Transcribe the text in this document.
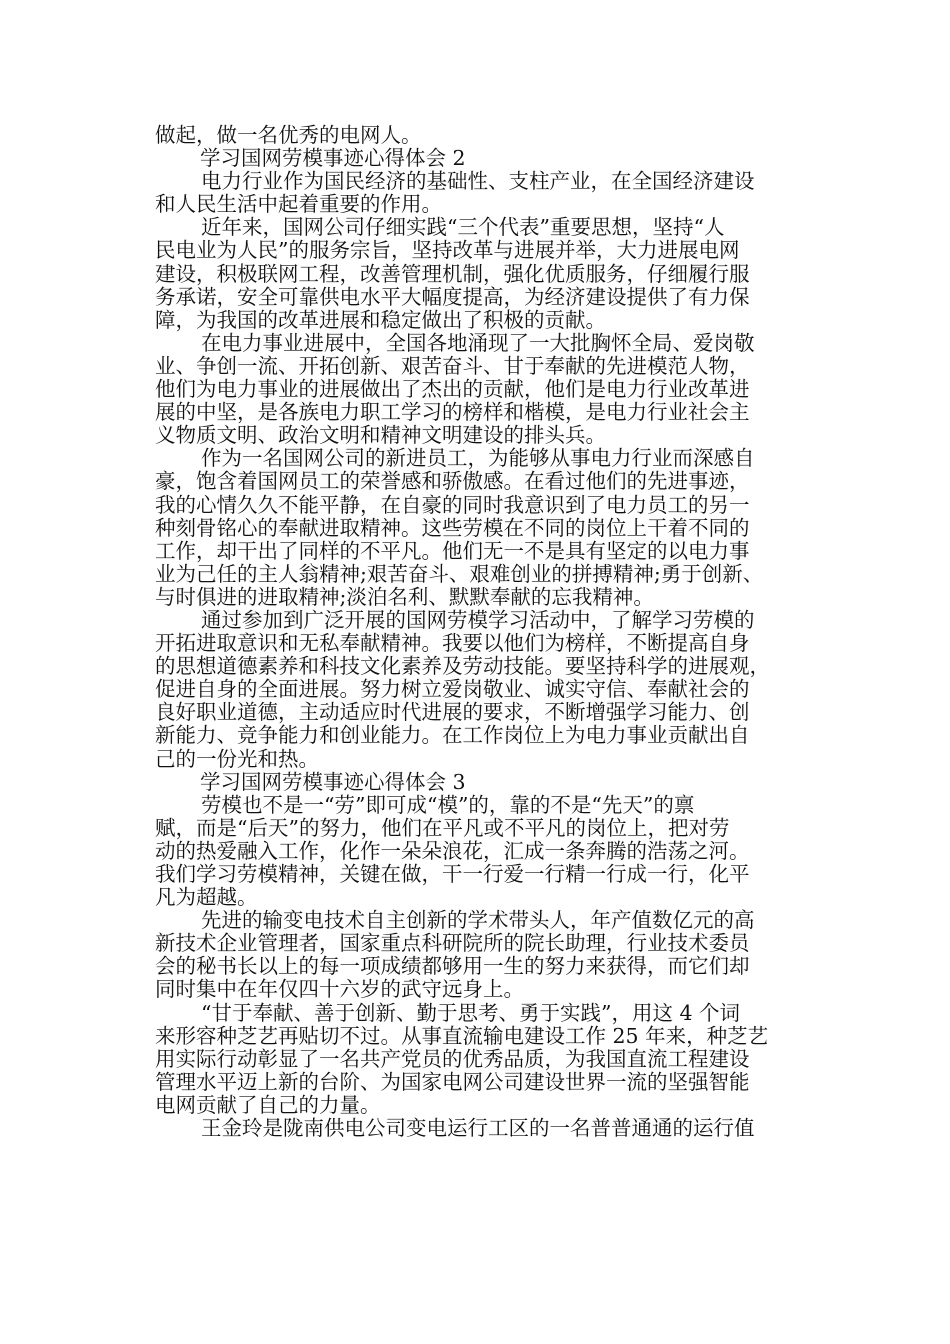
做起，做一名优秀的电网人。
学习国网劳模事迹心得体会 2
电力行业作为国民经济的基础性、支柱产业，在全国经济建设
和人民生活中起着重要的作用。
近年来，国网公司仔细实践“三个代表”重要思想，坚持“人
民电业为人民”的服务宗旨，坚持改革与进展并举，大力进展电网
建设，积极联网工程，改善管理机制，强化优质服务，仔细履行服
务承诺，安全可靠供电水平大幅度提高，为经济建设提供了有力保
障，为我国的改革进展和稳定做出了积极的贡献。
在电力事业进展中，全国各地涌现了一大批胸怀全局、爱岗敬
业、争创一流、开拓创新、艰苦奋斗、甘于奉献的先进模范人物，
他们为电力事业的进展做出了杰出的贡献，他们是电力行业改革进
展的中坚，是各族电力职工学习的榜样和楷模，是电力行业社会主
义物质文明、政治文明和精神文明建设的排头兵。
作为一名国网公司的新进员工，为能够从事电力行业而深感自
豪，饱含着国网员工的荣誉感和骄傲感。在看过他们的先进事迹，
我的心情久久不能平静，在自豪的同时我意识到了电力员工的另一
种刻骨铭心的奉献进取精神。这些劳模在不同的岗位上干着不同的
工作，却干出了同样的不平凡。他们无一不是具有坚定的以电力事
业为己任的主人翁精神;艰苦奋斗、艰难创业的拼搏精神;勇于创新、
与时俱进的进取精神;淡泊名利、默默奉献的忘我精神。
通过参加到广泛开展的国网劳模学习活动中，了解学习劳模的
开拓进取意识和无私奉献精神。我要以他们为榜样，不断提高自身
的思想道德素养和科技文化素养及劳动技能。要坚持科学的进展观，
促进自身的全面进展。努力树立爱岗敬业、诚实守信、奉献社会的
良好职业道德，主动适应时代进展的要求，不断增强学习能力、创
新能力、竞争能力和创业能力。在工作岗位上为电力事业贡献出自
己的一份光和热。
学习国网劳模事迹心得体会 3
劳模也不是一“劳”即可成“模”的，靠的不是“先天”的禀
赋，而是“后天”的努力，他们在平凡或不平凡的岗位上，把对劳
动的热爱融入工作，化作一朵朵浪花，汇成一条奔腾的浩荡之河。
我们学习劳模精神，关键在做，干一行爱一行精一行成一行，化平
凡为超越。
先进的输变电技术自主创新的学术带头人，年产值数亿元的高
新技术企业管理者，国家重点科研院所的院长助理，行业技术委员
会的秘书长以上的每一项成绩都够用一生的努力来获得，而它们却
同时集中在年仅四十六岁的武守远身上。
“甘于奉献、善于创新、勤于思考、勇于实践”，用这 4 个词
来形容种芝艺再贴切不过。从事直流输电建设工作 25 年来，种芝艺
用实际行动彰显了一名共产党员的优秀品质，为我国直流工程建设
管理水平迈上新的台阶、为国家电网公司建设世界一流的坚强智能
电网贡献了自己的力量。
王金玲是陇南供电公司变电运行工区的一名普普通通的运行值
